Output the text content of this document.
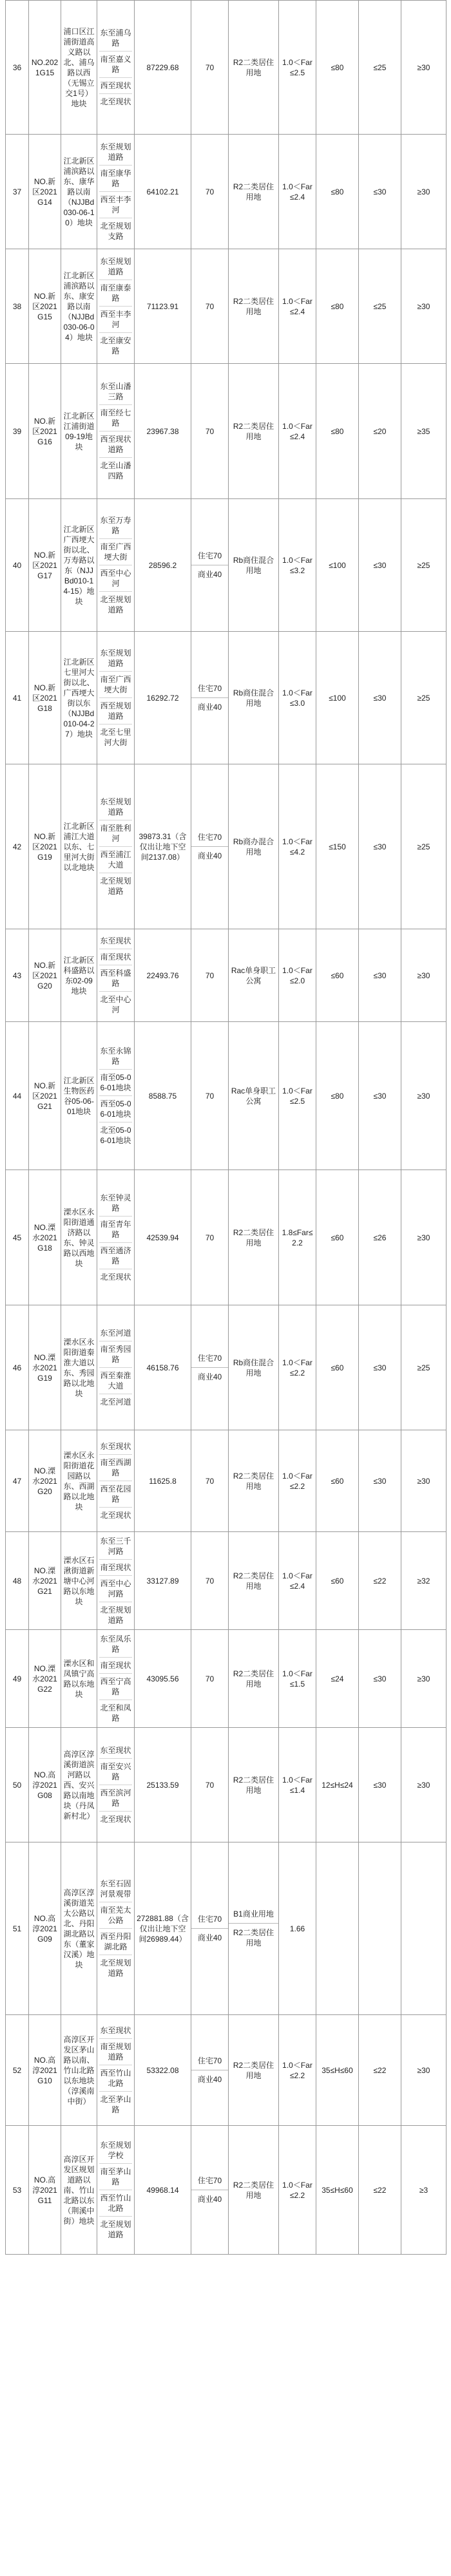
36	NO.2021G15	浦口区江浦街道高义路以北、浦乌路以西（无锡立交1号）地块	东至浦乌路
南至嘉义路
西至现状
北至现状	87229.68	70	R2二类居住用地	1.0＜Far≤2.5	≤80	≤25	≥30
37	NO.新区2021G14	江北新区浦滨路以东、康华路以南（NJJBd030-06-10）地块	东至规划道路
南至康华路
西至丰李河
北至规划支路	64102.21	70	R2二类居住用地	1.0＜Far≤2.4	≤80	≤30	≥30
38	NO.新区2021G15	江北新区浦滨路以东、康安路以南（NJJBd030-06-04）地块	东至规划道路
南至康泰路
西至丰李河
北至康安路	71123.91	70	R2二类居住用地	1.0＜Far≤2.4	≤80	≤25	≥30
39	NO.新区2021G16	江北新区江浦街道09-19地块	东至山潘三路
南至经七路
西至现状道路
北至山潘四路	23967.38	70	R2二类居住用地	1.0＜Far≤2.4	≤80	≤20	≥35
40	NO.新区2021G17	江北新区广西埂大街以北、万寿路以东（NJJBd010-14-15）地块	东至万寿路
南至广西埂大街
西至中心河
北至规划道路	28596.2	住宅70
商业40	Rb商住混合用地	1.0＜Far≤3.2	≤100	≤30	≥25
41	NO.新区2021G18	江北新区七里河大街以北、广西埂大街以东（NJJBd010-04-27）地块	东至规划道路
南至广西埂大街
西至规划道路
北至七里河大街	16292.72	住宅70
商业40	Rb商住混合用地	1.0＜Far≤3.0	≤100	≤30	≥25
42	NO.新区2021G19	江北新区浦江大道以东、七里河大街以北地块	东至规划道路
南至胜利河
西至浦江大道
北至规划道路	39873.31（含仅出让地下空间2137.08）	住宅70
商业40	Rb商办混合用地	1.0＜Far≤4.2	≤150	≤30	≥25
43	NO.新区2021G20	江北新区科盛路以东02-09地块	东至现状
南至现状
西至科盛路
北至中心河	22493.76	70	Rac单身职工公寓	1.0＜Far≤2.0	≤60	≤30	≥30
44	NO.新区2021G21	江北新区生物医药谷05-06-01地块	东至永锦路
南至05-06-01地块
西至05-06-01地块
北至05-06-01地块	8588.75	70	Rac单身职工公寓	1.0＜Far≤2.5	≤80	≤30	≥30
45	NO.溧水2021G18	溧水区永阳街道通济路以东、钟灵路以西地块	东至钟灵路
南至青年路
西至通济路
北至现状	42539.94	70	R2二类居住用地	1.8≤Far≤2.2	≤60	≤26	≥30
46	NO.溧水2021G19	溧水区永阳街道秦淮大道以东、秀园路以北地块	东至河道
南至秀园路
西至秦淮大道
北至河道	46158.76	住宅70
商业40	Rb商住混合用地	1.0＜Far≤2.2	≤60	≤30	≥25
47	NO.溧水2021G20	溧水区永阳街道花园路以东、西湖路以北地块	东至现状
南至西湖路
西至花园路
北至现状	11625.8	70	R2二类居住用地	1.0＜Far≤2.2	≤60	≤30	≥30
48	NO.溧水2021G21	溧水区石湫街道新塘中心河路以东地块	东至三千河路
南至现状
西至中心河路
北至规划道路	33127.89	70	R2二类居住用地	1.0＜Far≤2.4	≤60	≤22	≥32
49	NO.溧水2021G22	溧水区和凤镇宁高路以东地块	东至凤乐路
南至现状
西至宁高路
北至和凤路	43095.56	70	R2二类居住用地	1.0＜Far≤1.5	≤24	≤30	≥30
50	NO.高淳2021G08	高淳区淳溪街道滨河路以西、安兴路以南地块（丹凤新村北）	东至现状
南至安兴路
西至滨河路
北至现状	25133.59	70	R2二类居住用地	1.0＜Far≤1.4	12≤H≤24	≤30	≥30
51	NO.高淳2021G09	高淳区淳溪街道芜太公路以北、丹阳湖北路以东（董家汉溪）地块	东至石固河景观带
南至芜太公路
西至丹阳湖北路
北至规划道路	272881.88（含仅出让地下空间26989.44）	住宅70
商业40	B1商业用地
R2二类居住用地	1.66			
52	NO.高淳2021G10	高淳区开发区茅山路以南、竹山北路以东地块（淳溪南中街）	东至现状
南至规划道路
西至竹山北路
北至茅山路	53322.08	住宅70
商业40	R2二类居住用地	1.0＜Far≤2.2	35≤H≤60	≤22	≥30
53	NO.高淳2021G11	高淳区开发区规划道路以南、竹山北路以东（荆溪中街）地块	东至规划学校
南至茅山路
西至竹山北路
北至规划道路	49968.14	住宅70
商业40	R2二类居住用地	1.0＜Far≤2.2	35≤H≤60	≤22	≥3
